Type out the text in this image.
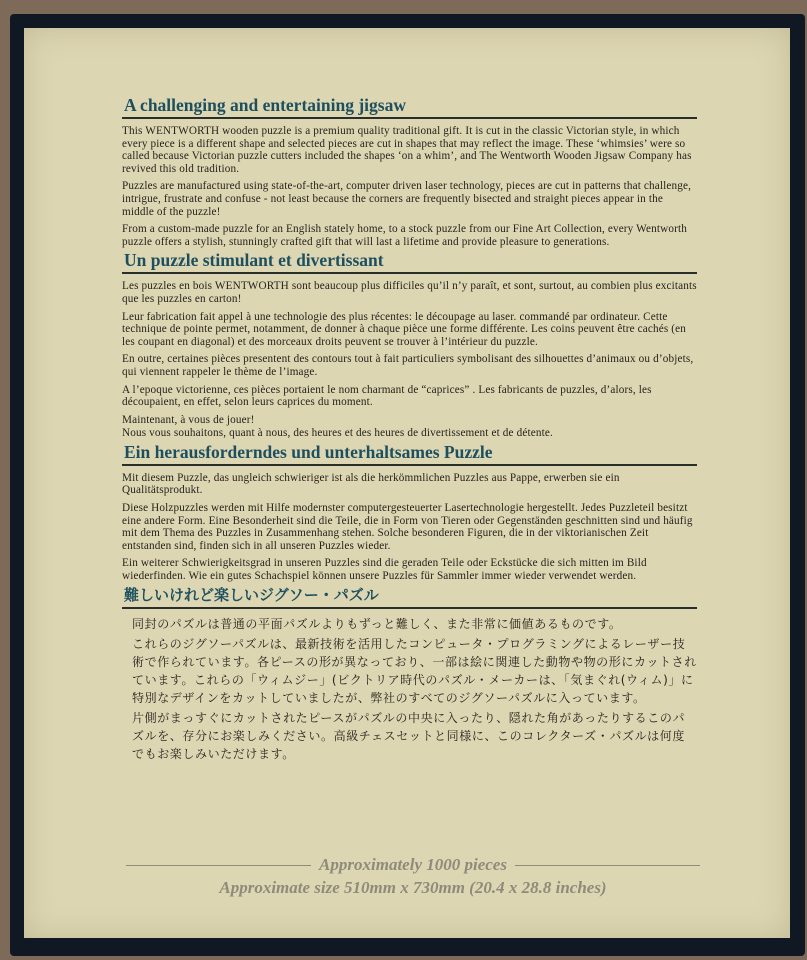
A challenging and entertaining jigsaw

This WENTWORTH wooden puzzle is a premium quality traditional gift. It is cut in the classic Victorian style, in which every piece is a different shape and selected pieces are cut in shapes that may reflect the image. These ‘whimsies’ were so called because Victorian puzzle cutters included the shapes ‘on a whim’, and The Wentworth Wooden Jigsaw Company has revived this old tradition.

Puzzles are manufactured using state-of-the-art, computer driven laser technology, pieces are cut in patterns that challenge, intrigue, frustrate and confuse - not least because the corners are frequently bisected and straight pieces appear in the middle of the puzzle!

From a custom-made puzzle for an English stately home, to a stock puzzle from our Fine Art Collection, every Wentworth puzzle offers a stylish, stunningly crafted gift that will last a lifetime and provide pleasure to generations.

Un puzzle stimulant et divertissant

Les puzzles en bois WENTWORTH sont beaucoup plus difficiles qu’il n’y paraît, et sont, surtout, au combien plus excitants que les puzzles en carton!

Leur fabrication fait appel à une technologie des plus récentes: le découpage au laser. commandé par ordinateur. Cette technique de pointe permet, notamment, de donner à chaque pièce une forme différente. Les coins peuvent être cachés (en les coupant en diagonal) et des morceaux droits peuvent se trouver à l’intérieur du puzzle.

En outre, certaines pièces presentent des contours tout à fait particuliers symbolisant des silhouettes d’animaux ou d’objets, qui viennent rappeler le thème de l’image.

A l’epoque victorienne, ces pièces portaient le nom charmant de “caprices” . Les fabricants de puzzles, d’alors, les découpaient, en effet, selon leurs caprices du moment.

Maintenant, à vous de jouer!

Nous vous souhaitons, quant à nous, des heures et des heures de divertissement et de détente.

Ein herausforderndes und unterhaltsames Puzzle

Mit diesem Puzzle, das ungleich schwieriger ist als die herkömmlichen Puzzles aus Pappe, erwerben sie ein Qualitätsprodukt.

Diese Holzpuzzles werden mit Hilfe modernster computergesteuerter Lasertechnologie hergestellt. Jedes Puzzleteil besitzt eine andere Form. Eine Besonderheit sind die Teile, die in Form von Tieren oder Gegenständen geschnitten sind und häufig mit dem Thema des Puzzles in Zusammenhang stehen. Solche besonderen Figuren, die in der viktorianischen Zeit entstanden sind, finden sich in all unseren Puzzles wieder.

Ein weiterer Schwierigkeitsgrad in unseren Puzzles sind die geraden Teile oder Eckstücke die sich mitten im Bild wiederfinden. Wie ein gutes Schachspiel können unsere Puzzles für Sammler immer wieder verwendet werden.

難しいけれど楽しいジグソー・パズル

同封のパズルは普通の平面パズルよりもずっと難しく、また非常に価値あるものです。

これらのジグソーパズルは、最新技術を活用したコンピュータ・プログラミングによるレーザー技術で作られています。各ピースの形が異なっており、一部は絵に関連した動物や物の形にカットされています。これらの「ウィムジー」(ビクトリア時代のパズル・メーカーは、「気まぐれ(ウィム)」に特別なデザインをカットしていましたが、弊社のすべてのジグソーパズルに入っています。

片側がまっすぐにカットされたピースがパズルの中央に入ったり、隠れた角があったりするこのパズルを、存分にお楽しみください。高級チェスセットと同様に、このコレクターズ・パズルは何度でもお楽しみいただけます。

Approximately 1000 pieces
Approximate size 510mm x 730mm (20.4 x 28.8 inches)
